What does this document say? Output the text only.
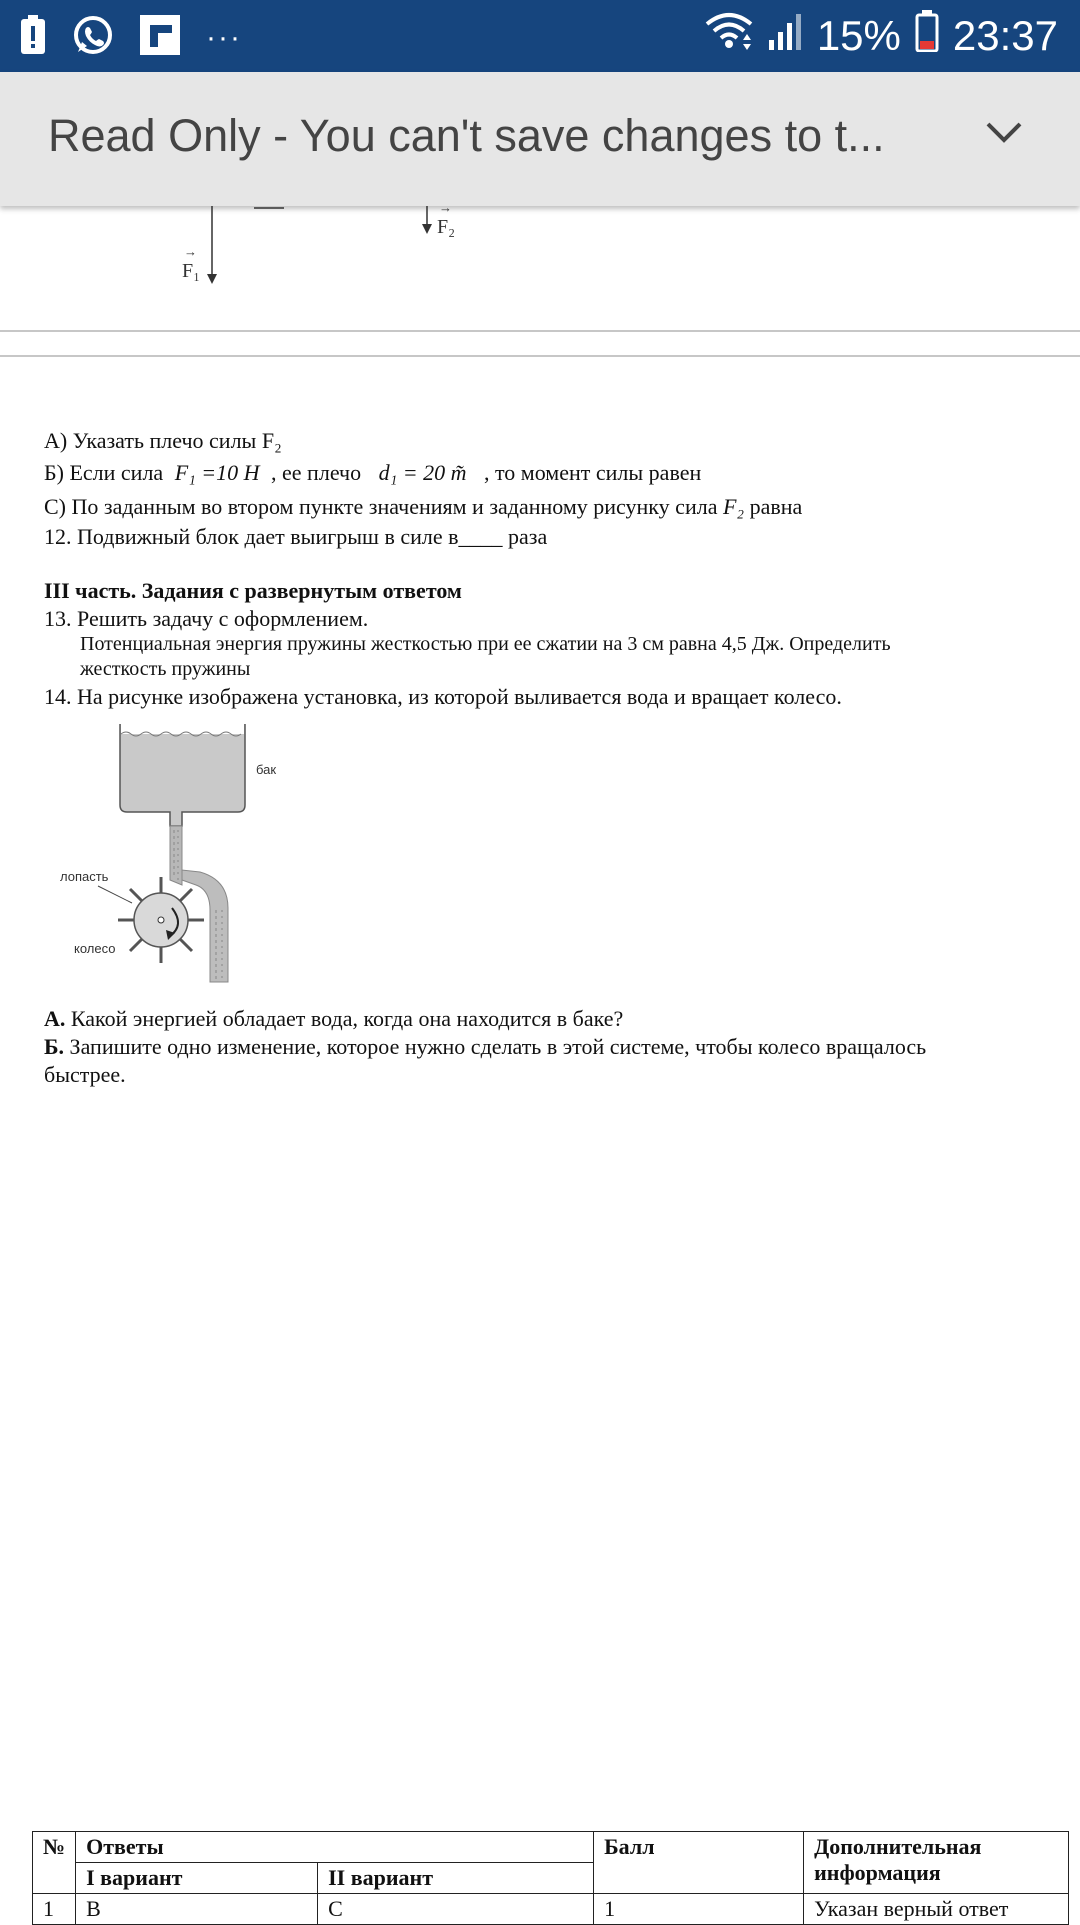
···	15% 23:37
Read Only - You can't save changes to t...
→
F₁
→
F₂
А) Указать плечо силы F₂
Б) Если сила F₁ =10 H , ее плечо d₁ = 20 m̃ , то момент силы равен
С) По заданным во втором пункте значениям и заданному рисунку сила F₂ равна
12. Подвижный блок дает выигрыш в силе в____ раза
III часть. Задания с развернутым ответом
13. Решить задачу с оформлением.
Потенциальная энергия пружины жесткостью при ее сжатии на 3 см равна 4,5 Дж. Определить
жесткость пружины
14. На рисунке изображена установка, из которой выливается вода и вращает колесо.
бак
лопасть
колесо
А. Какой энергией обладает вода, когда она находится в баке?
Б. Запишите одно изменение, которое нужно сделать в этой системе, чтобы колесо вращалось
быстрее.
№	Ответы		Балл	Дополнительная информация
	I вариант	II вариант		
1	В	С	1	Указан верный ответ
